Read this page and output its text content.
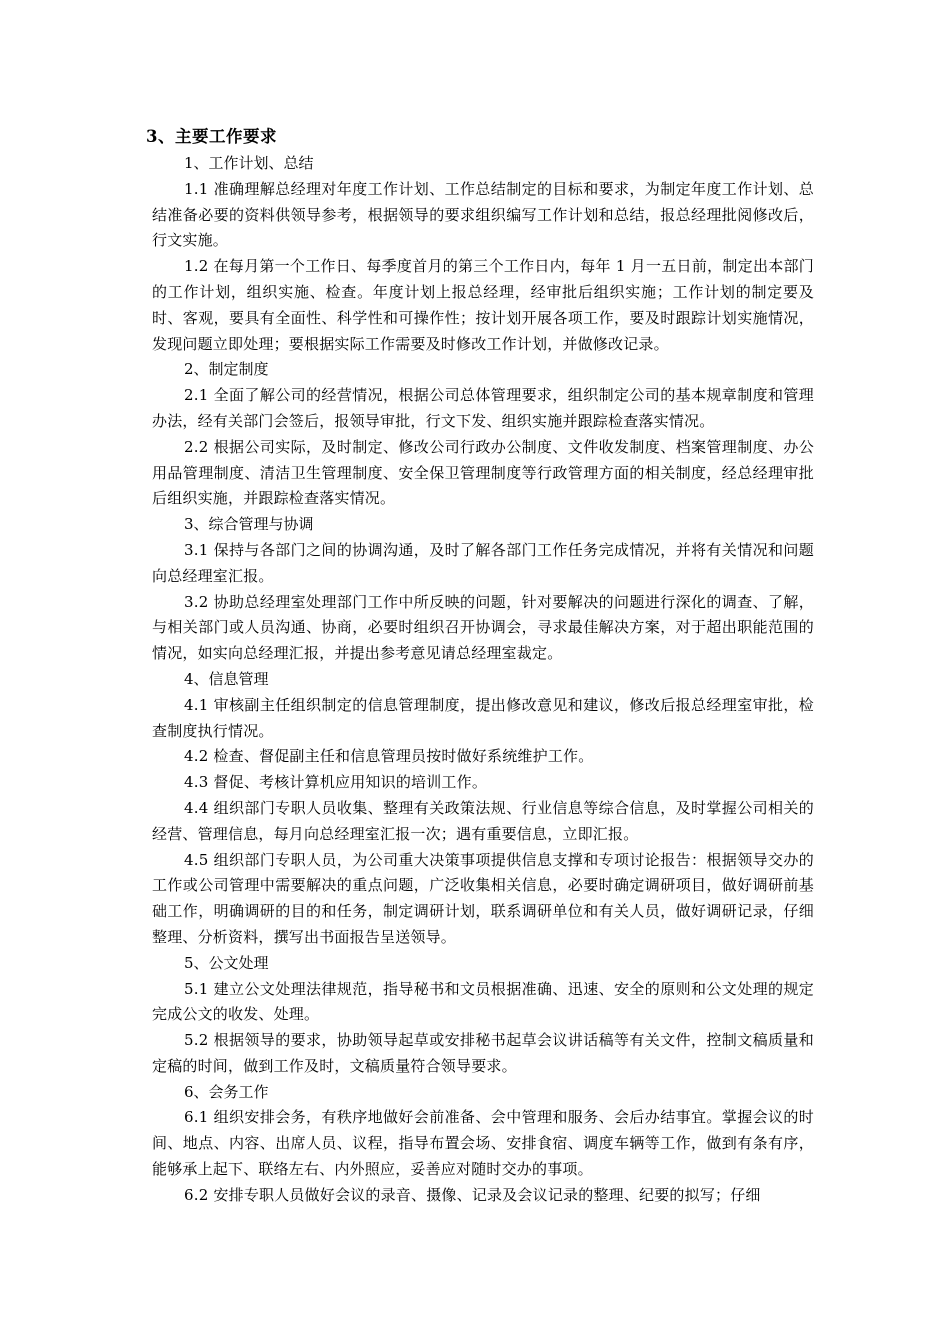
3、主要工作要求
1、工作计划、总结

1.1 准确理解总经理对年度工作计划、工作总结制定的目标和要求，为制定年度工作计划、总结准备必要的资料供领导参考，根据领导的要求组织编写工作计划和总结，报总经理批阅修改后，行文实施。

1.2 在每月第一个工作日、每季度首月的第三个工作日内，每年 1 月一五日前，制定出本部门的工作计划，组织实施、检查。年度计划上报总经理，经审批后组织实施；工作计划的制定要及时、客观，要具有全面性、科学性和可操作性；按计划开展各项工作，要及时跟踪计划实施情况，发现问题立即处理；要根据实际工作需要及时修改工作计划，并做修改记录。

2、制定制度

2.1 全面了解公司的经营情况，根据公司总体管理要求，组织制定公司的基本规章制度和管理办法，经有关部门会签后，报领导审批，行文下发、组织实施并跟踪检查落实情况。

2.2 根据公司实际，及时制定、修改公司行政办公制度、文件收发制度、档案管理制度、办公用品管理制度、清洁卫生管理制度、安全保卫管理制度等行政管理方面的相关制度，经总经理审批后组织实施，并跟踪检查落实情况。

3、综合管理与协调

3.1 保持与各部门之间的协调沟通，及时了解各部门工作任务完成情况，并将有关情况和问题向总经理室汇报。

3.2 协助总经理室处理部门工作中所反映的问题，针对要解决的问题进行深化的调查、了解，与相关部门或人员沟通、协商，必要时组织召开协调会，寻求最佳解决方案，对于超出职能范围的情况，如实向总经理汇报，并提出参考意见请总经理室裁定。

4、信息管理

4.1 审核副主任组织制定的信息管理制度，提出修改意见和建议，修改后报总经理室审批，检查制度执行情况。

4.2 检查、督促副主任和信息管理员按时做好系统维护工作。

4.3 督促、考核计算机应用知识的培训工作。

4.4 组织部门专职人员收集、整理有关政策法规、行业信息等综合信息，及时掌握公司相关的经营、管理信息，每月向总经理室汇报一次；遇有重要信息，立即汇报。

4.5 组织部门专职人员，为公司重大决策事项提供信息支撑和专项讨论报告：根据领导交办的工作或公司管理中需要解决的重点问题，广泛收集相关信息，必要时确定调研项目，做好调研前基础工作，明确调研的目的和任务，制定调研计划，联系调研单位和有关人员，做好调研记录，仔细整理、分析资料，撰写出书面报告呈送领导。

5、公文处理

5.1 建立公文处理法律规范，指导秘书和文员根据准确、迅速、安全的原则和公文处理的规定完成公文的收发、处理。

5.2 根据领导的要求，协助领导起草或安排秘书起草会议讲话稿等有关文件，控制文稿质量和定稿的时间，做到工作及时，文稿质量符合领导要求。

6、会务工作

6.1 组织安排会务，有秩序地做好会前准备、会中管理和服务、会后办结事宜。掌握会议的时间、地点、内容、出席人员、议程，指导布置会场、安排食宿、调度车辆等工作，做到有条有序，能够承上起下、联络左右、内外照应，妥善应对随时交办的事项。

6.2 安排专职人员做好会议的录音、摄像、记录及会议记录的整理、纪要的拟写；仔细
